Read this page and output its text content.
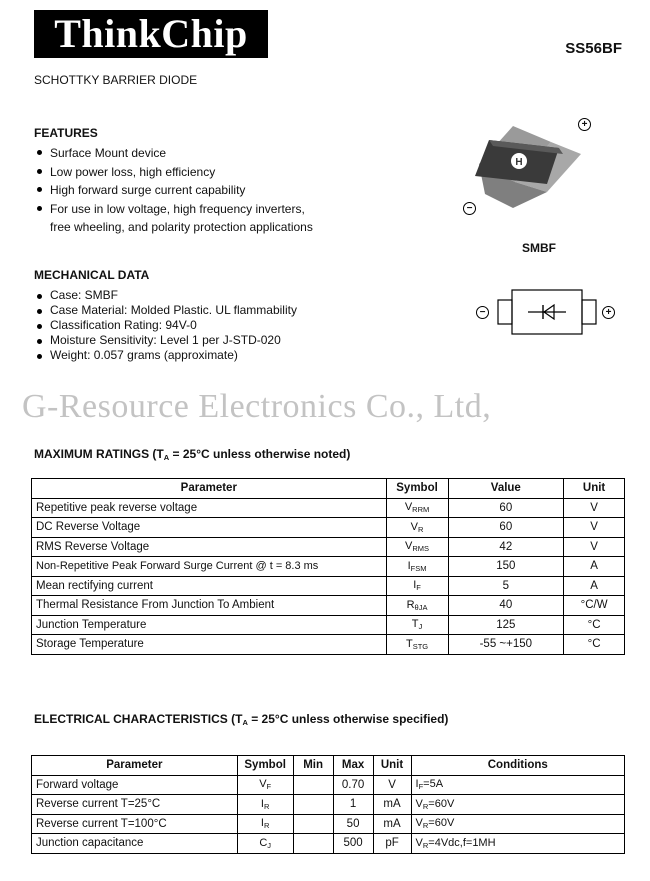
ThinkChip	SS56BF
SCHOTTKY BARRIER DIODE
FEATURES
Surface Mount device
Low power loss, high efficiency
High forward surge current capability
For use in low voltage, high frequency inverters,
free wheeling, and polarity protection applications
H
+
−
SMBF
MECHANICAL DATA
Case: SMBF
Case Material: Molded Plastic. UL flammability
Classification Rating: 94V-0
Moisture Sensitivity: Level 1 per J-STD-020
Weight: 0.057 grams (approximate)
−	+
G-Resource Electronics Co., Ltd,
MAXIMUM RATINGS ($T_A = 25^\circ C$ unless otherwise noted)
Parameter	Symbol	Value	Unit
Repetitive peak reverse voltage	$V_{RRM}$	60	V
DC Reverse Voltage	$V_R$	60	V
RMS Reverse Voltage	$V_{RMS}$	42	V
Non-Repetitive Peak Forward Surge Current @ t = 8.3 ms	$I_{FSM}$	150	A
Mean rectifying current	$I_F$	5	A
Thermal Resistance From Junction To Ambient	$R_{\theta JA}$	40	°C/W
Junction Temperature	$T_J$	125	°C
Storage Temperature	$T_{STG}$	-55 ~+150	°C
ELECTRICAL CHARACTERISTICS ($T_A = 25^\circ C$ unless otherwise specified)
Parameter	Symbol	Min	Max	Unit	Conditions
Forward voltage	$V_F$		0.70	V	$I_F=5A$
Reverse current T=25°C	$I_R$		1	mA	$V_R=60V$
Reverse current T=100°C	$I_R$		50	mA	$V_R=60V$
Junction capacitance	$C_J$		500	pF	$V_R=4Vdc,f=1MH$
